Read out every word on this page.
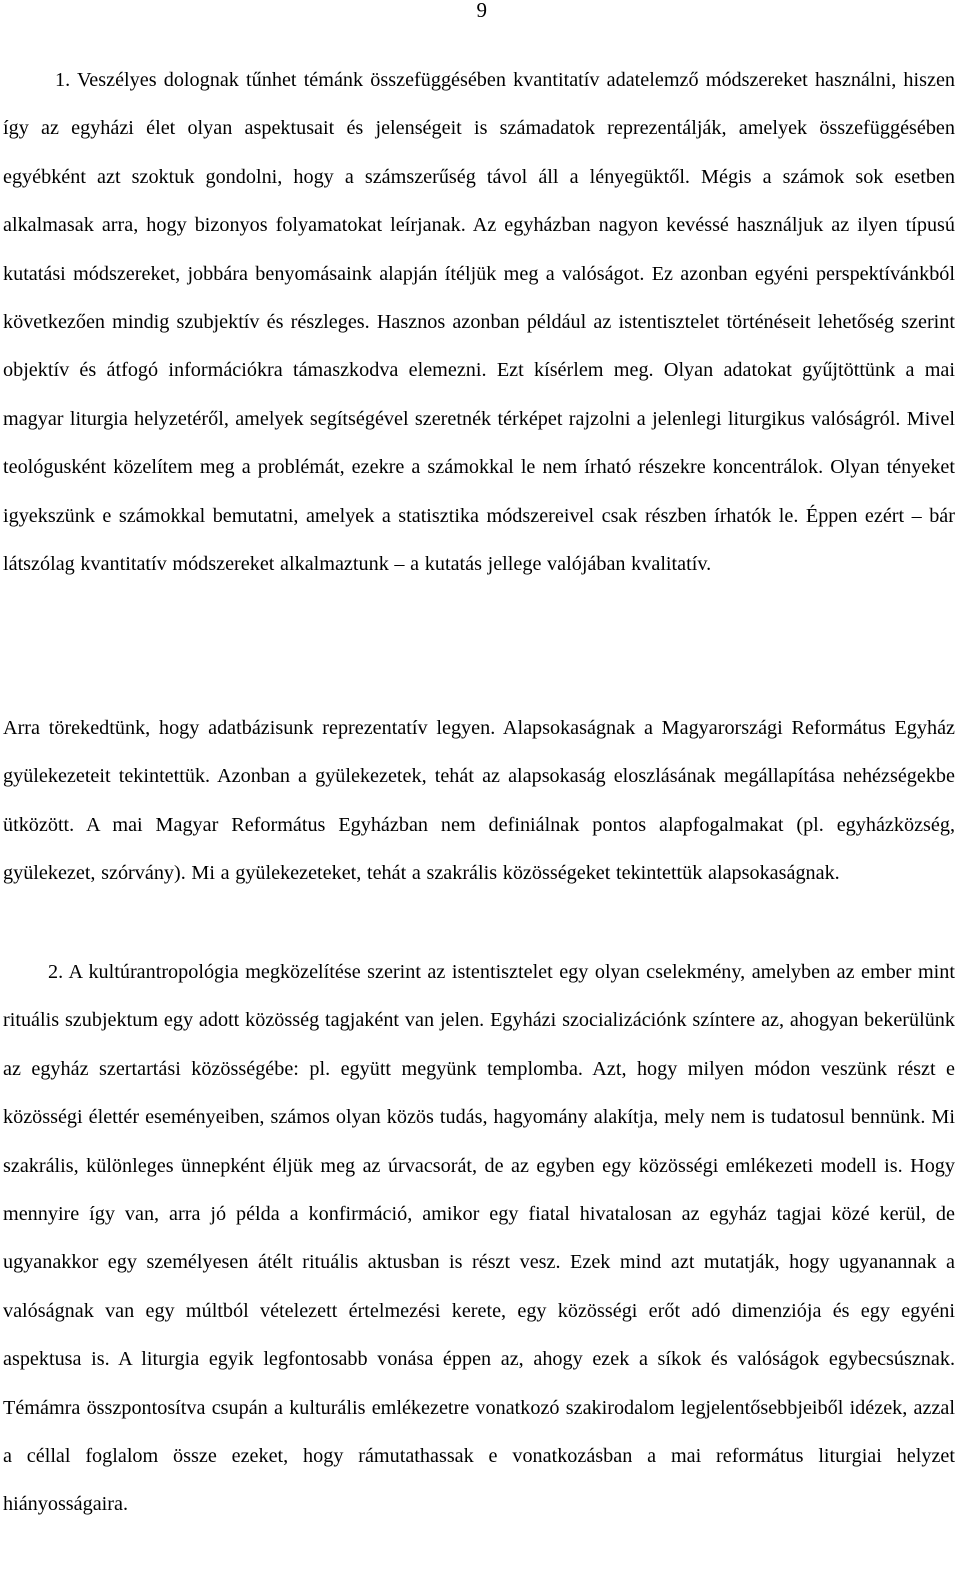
9

1. Veszélyes dolognak tűnhet témánk összefüggésében kvantitatív adatelemző módszereket használni, hiszen így az egyházi élet olyan aspektusait és jelenségeit is számadatok reprezentálják, amelyek összefüggésében egyébként azt szoktuk gondolni, hogy a számszerűség távol áll a lényegüktől. Mégis a számok sok esetben alkalmasak arra, hogy bizonyos folyamatokat leírjanak. Az egyházban nagyon kevéssé használjuk az ilyen típusú kutatási módszereket, jobbára benyomásaink alapján ítéljük meg a valóságot. Ez azonban egyéni perspektívánkból következően mindig szubjektív és részleges. Hasznos azonban például az istentisztelet történéseit lehetőség szerint objektív és átfogó információkra támaszkodva elemezni. Ezt kísérlem meg. Olyan adatokat gyűjtöttünk a mai magyar liturgia helyzetéről, amelyek segítségével szeretnék térképet rajzolni a jelenlegi liturgikus valóságról. Mivel teológusként közelítem meg a problémát, ezekre a számokkal le nem írható részekre koncentrálok. Olyan tényeket igyekszünk e számokkal bemutatni, amelyek a statisztika módszereivel csak részben írhatók le. Éppen ezért – bár látszólag kvantitatív módszereket alkalmaztunk – a kutatás jellege valójában kvalitatív.

Arra törekedtünk, hogy adatbázisunk reprezentatív legyen. Alapsokaságnak a Magyarországi Református Egyház gyülekezeteit tekintettük. Azonban a gyülekezetek, tehát az alapsokaság eloszlásának megállapítása nehézségekbe ütközött. A mai Magyar Református Egyházban nem definiálnak pontos alapfogalmakat (pl. egyházközség, gyülekezet, szórvány). Mi a gyülekezeteket, tehát a szakrális közösségeket tekintettük alapsokaságnak.

2. A kultúrantropológia megközelítése szerint az istentisztelet egy olyan cselekmény, amelyben az ember mint rituális szubjektum egy adott közösség tagjaként van jelen. Egyházi szocializációnk színtere az, ahogyan bekerülünk az egyház szertartási közösségébe: pl. együtt megyünk templomba. Azt, hogy milyen módon veszünk részt e közösségi élettér eseményeiben, számos olyan közös tudás, hagyomány alakítja, mely nem is tudatosul bennünk. Mi szakrális, különleges ünnepként éljük meg az úrvacsorát, de az egyben egy közösségi emlékezeti modell is. Hogy mennyire így van, arra jó példa a konfirmáció, amikor egy fiatal hivatalosan az egyház tagjai közé kerül, de ugyanakkor egy személyesen átélt rituális aktusban is részt vesz. Ezek mind azt mutatják, hogy ugyanannak a valóságnak van egy múltból vételezett értelmezési kerete, egy közösségi erőt adó dimenziója és egy egyéni aspektusa is. A liturgia egyik legfontosabb vonása éppen az, ahogy ezek a síkok és valóságok egybecsúsznak. Témámra összpontosítva csupán a kulturális emlékezetre vonatkozó szakirodalom legjelentősebbjeiből idézek, azzal a céllal foglalom össze ezeket, hogy rámutathassak e vonatkozásban a mai református liturgiai helyzet hiányosságaira.
